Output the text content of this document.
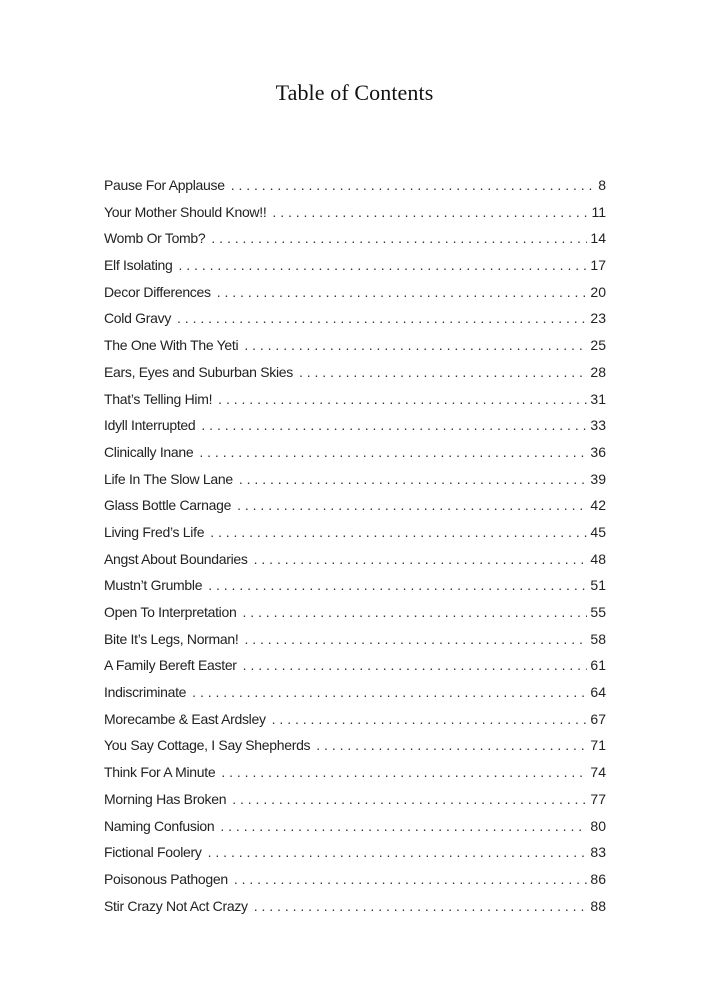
Table of Contents
Pause For Applause . . .	8
Your Mother Should Know!! . . .	11
Womb Or Tomb? . . .	14
Elf Isolating . . .	17
Decor Differences . . .	20
Cold Gravy . . .	23
The One With The Yeti . . .	25
Ears, Eyes and Suburban Skies . . .	28
That’s Telling Him! . . .	31
Idyll Interrupted . . .	33
Clinically Inane . . .	36
Life In The Slow Lane . . .	39
Glass Bottle Carnage . . .	42
Living Fred’s Life . . .	45
Angst About Boundaries . . .	48
Mustn’t Grumble . . .	51
Open To Interpretation . . .	55
Bite It’s Legs, Norman! . . .	58
A Family Bereft Easter . . .	61
Indiscriminate . . .	64
Morecambe & East Ardsley . . .	67
You Say Cottage, I Say Shepherds . . .	71
Think For A Minute . . .	74
Morning Has Broken . . .	77
Naming Confusion . . .	80
Fictional Foolery . . .	83
Poisonous Pathogen . . .	86
Stir Crazy Not Act Crazy . . .	88
